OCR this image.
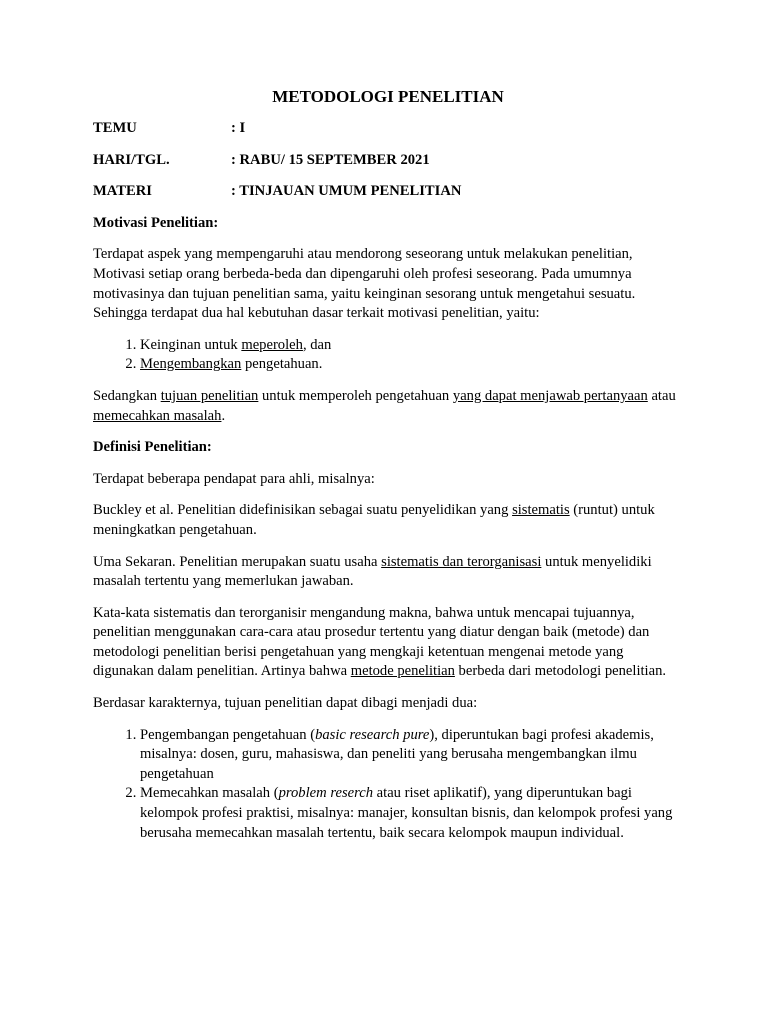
METODOLOGI PENELITIAN
TEMU	: I
HARI/TGL.	: RABU/ 15 SEPTEMBER 2021
MATERI	: TINJAUAN UMUM PENELITIAN
Motivasi Penelitian:

Terdapat aspek yang mempengaruhi atau mendorong seseorang untuk melakukan penelitian, Motivasi setiap orang berbeda-beda dan dipengaruhi oleh profesi seseorang. Pada umumnya motivasinya dan tujuan penelitian sama, yaitu keinginan sesorang untuk mengetahui sesuatu. Sehingga terdapat dua hal kebutuhan dasar terkait motivasi penelitian, yaitu:

1. Keinginan untuk meperoleh, dan
2. Mengembangkan pengetahuan.

Sedangkan tujuan penelitian untuk memperoleh pengetahuan yang dapat menjawab pertanyaan atau memecahkan masalah.

Definisi Penelitian:

Terdapat beberapa pendapat para ahli, misalnya:

Buckley et al. Penelitian didefinisikan sebagai suatu penyelidikan yang sistematis (runtut) untuk meningkatkan pengetahuan.

Uma Sekaran. Penelitian merupakan suatu usaha sistematis dan terorganisasi untuk menyelidiki masalah tertentu yang memerlukan jawaban.

Kata-kata sistematis dan terorganisir mengandung makna, bahwa untuk mencapai tujuannya, penelitian menggunakan cara-cara atau prosedur tertentu yang diatur dengan baik (metode) dan metodologi penelitian berisi pengetahuan yang mengkaji ketentuan mengenai metode yang digunakan dalam penelitian. Artinya bahwa metode penelitian berbeda dari metodologi penelitian.

Berdasar karakternya, tujuan penelitian dapat dibagi menjadi dua:

1. Pengembangan pengetahuan (basic research pure), diperuntukan bagi profesi akademis, misalnya: dosen, guru, mahasiswa, dan peneliti yang berusaha mengembangkan ilmu pengetahuan
2. Memecahkan masalah (problem reserch atau riset aplikatif), yang diperuntukan bagi kelompok profesi praktisi, misalnya: manajer, konsultan bisnis, dan kelompok profesi yang berusaha memecahkan masalah tertentu, baik secara kelompok maupun individual.
